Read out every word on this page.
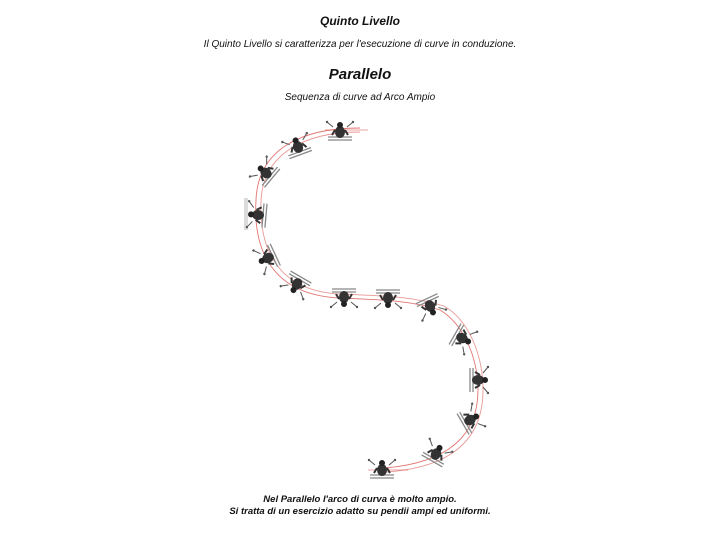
Quinto Livello
Il Quinto Livello si caratterizza per l'esecuzione di curve in conduzione.
Parallelo
Sequenza di curve ad Arco Ampio
Nel Parallelo l'arco di curva è molto ampio.
Si tratta di un esercizio adatto su pendii ampi ed uniformi.
